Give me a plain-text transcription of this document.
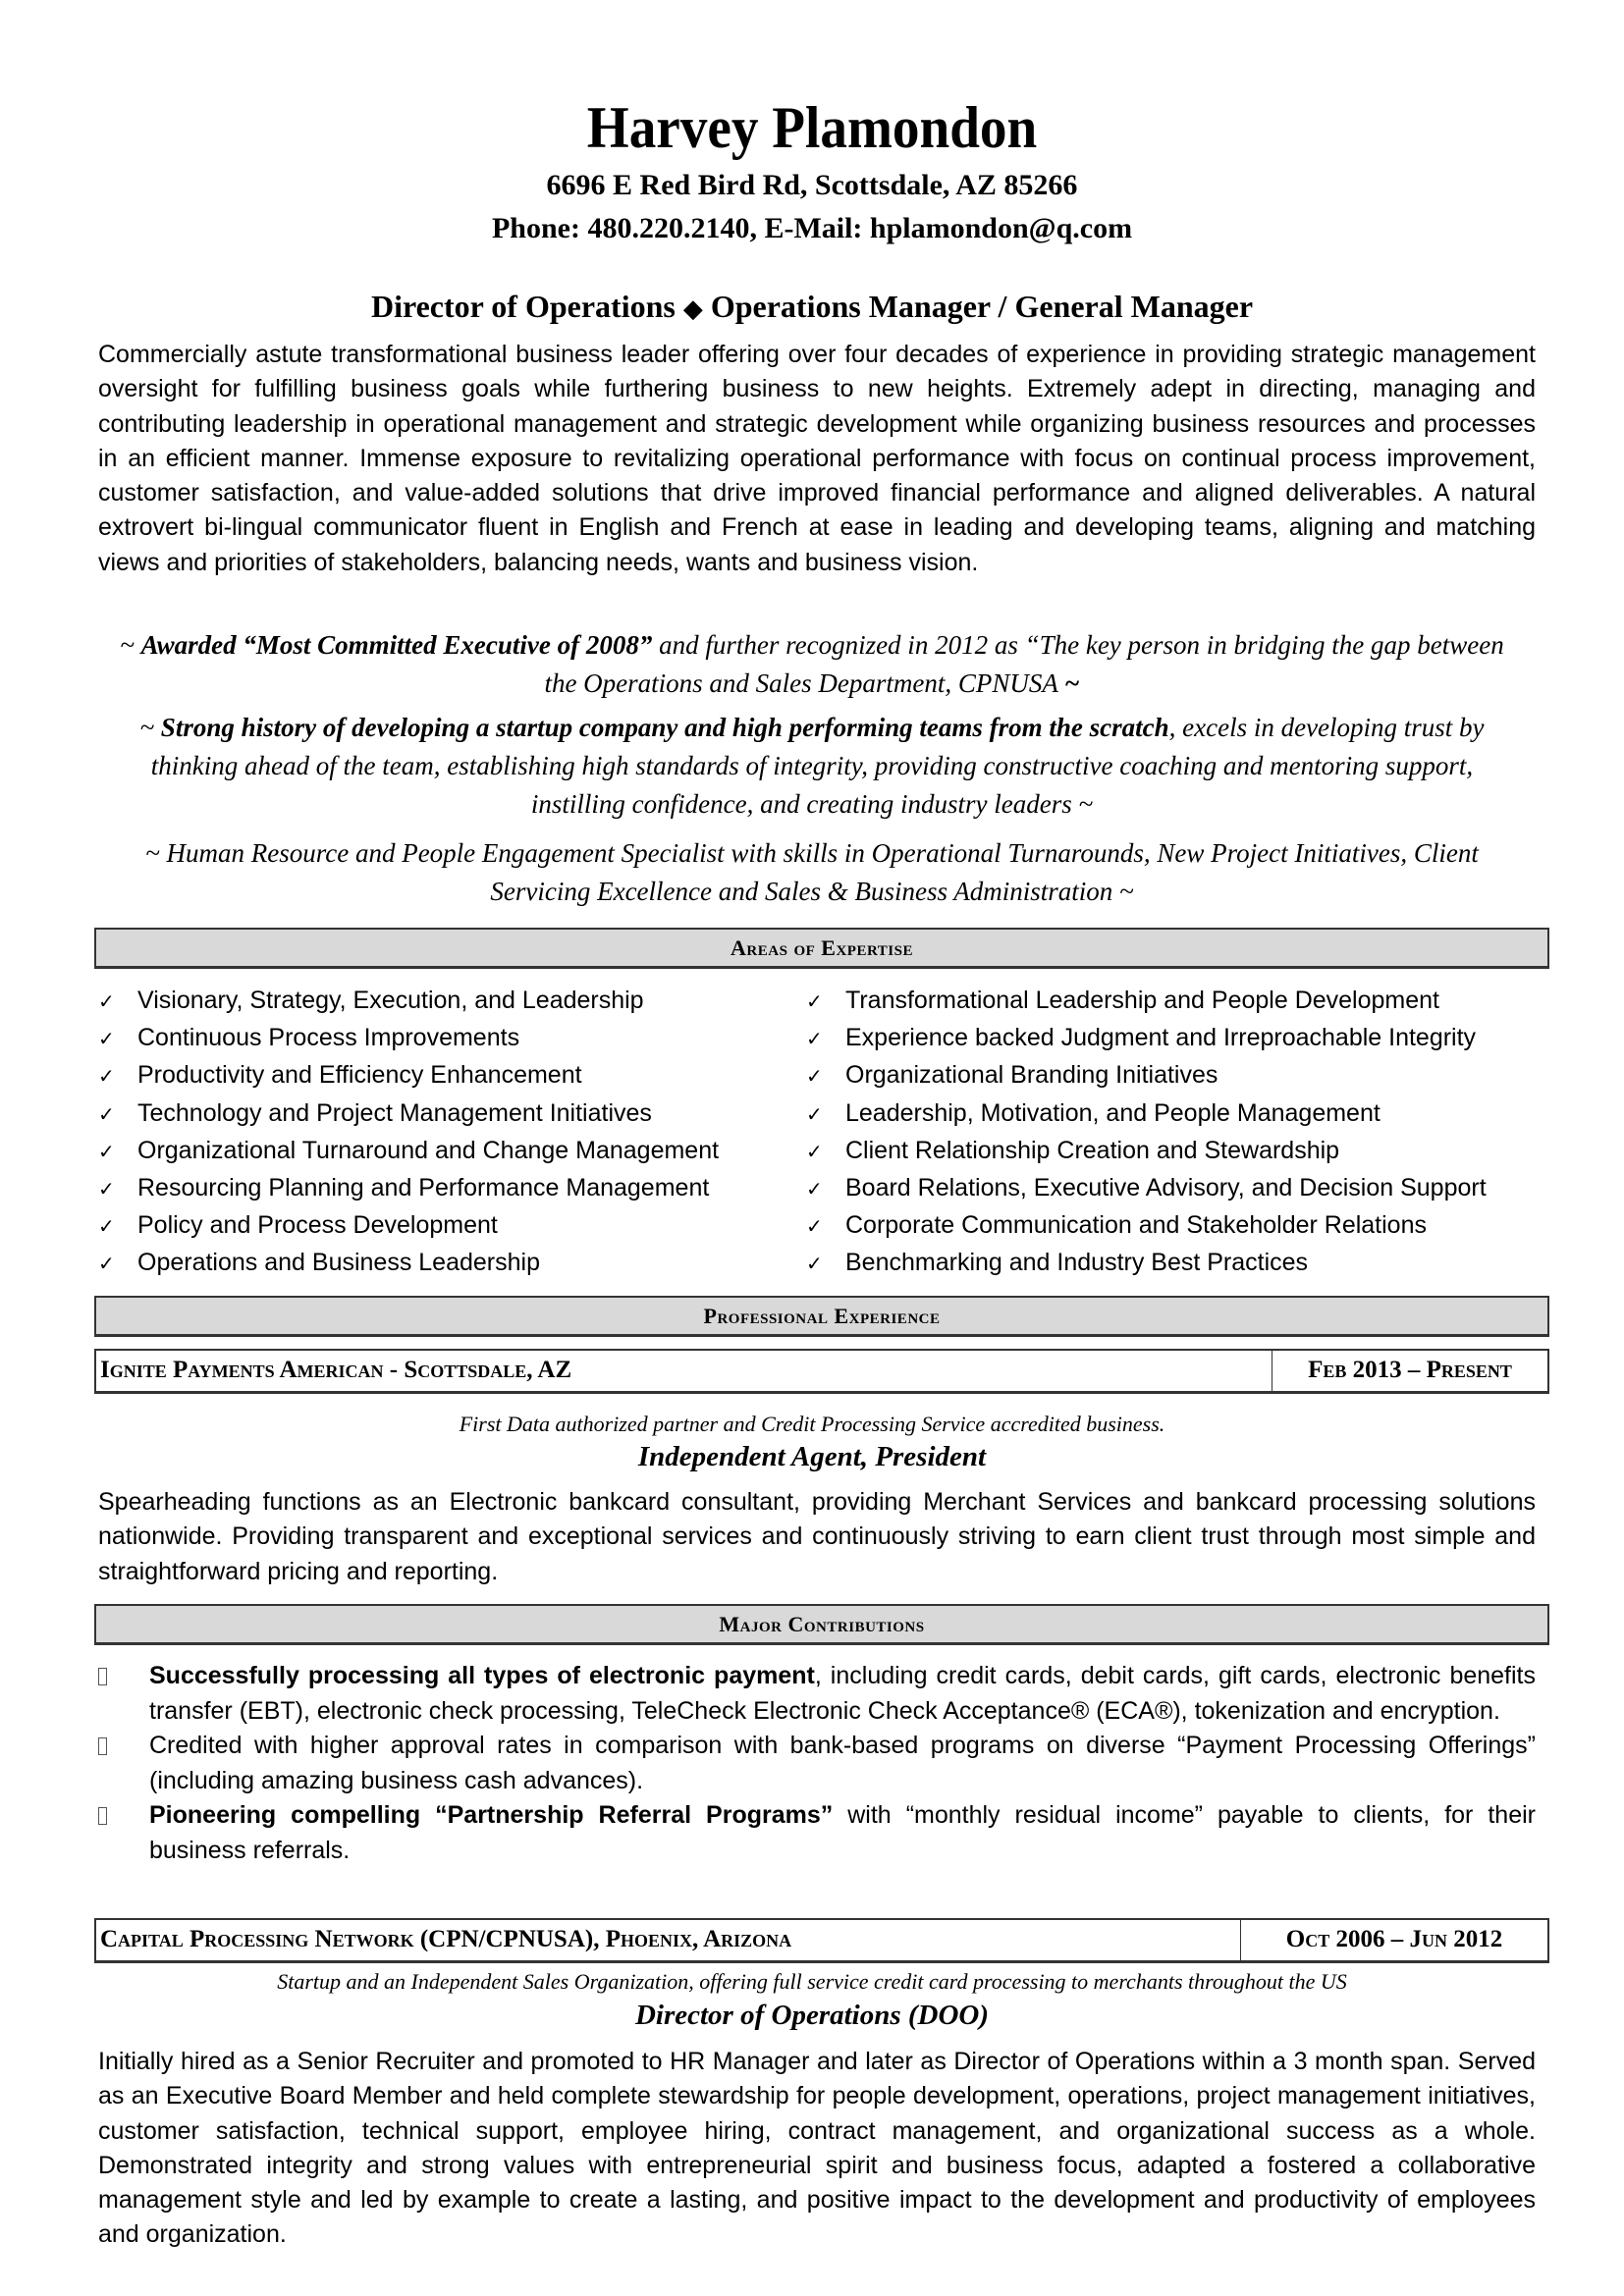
Harvey Plamondon
6696 E Red Bird Rd, Scottsdale, AZ 85266
Phone: 480.220.2140, E-Mail: hplamondon@q.com
Director of Operations ◆ Operations Manager / General Manager
Commercially astute transformational business leader offering over four decades of experience in providing strategic management oversight for fulfilling business goals while furthering business to new heights. Extremely adept in directing, managing and contributing leadership in operational management and strategic development while organizing business resources and processes in an efficient manner. Immense exposure to revitalizing operational performance with focus on continual process improvement, customer satisfaction, and value-added solutions that drive improved financial performance and aligned deliverables. A natural extrovert bi-lingual communicator fluent in English and French at ease in leading and developing teams, aligning and matching views and priorities of stakeholders, balancing needs, wants and business vision.
~ Awarded “Most Committed Executive of 2008” and further recognized in 2012 as “The key person in bridging the gap between the Operations and Sales Department, CPNUSA ~
~ Strong history of developing a startup company and high performing teams from the scratch, excels in developing trust by thinking ahead of the team, establishing high standards of integrity, providing constructive coaching and mentoring support, instilling confidence, and creating industry leaders ~
~ Human Resource and People Engagement Specialist with skills in Operational Turnarounds, New Project Initiatives, Client Servicing Excellence and Sales & Business Administration ~
Areas of Expertise
✓ Visionary, Strategy, Execution, and Leadership
✓ Continuous Process Improvements
✓ Productivity and Efficiency Enhancement
✓ Technology and Project Management Initiatives
✓ Organizational Turnaround and Change Management
✓ Resourcing Planning and Performance Management
✓ Policy and Process Development
✓ Operations and Business Leadership
✓ Transformational Leadership and People Development
✓ Experience backed Judgment and Irreproachable Integrity
✓ Organizational Branding Initiatives
✓ Leadership, Motivation, and People Management
✓ Client Relationship Creation and Stewardship
✓ Board Relations, Executive Advisory, and Decision Support
✓ Corporate Communication and Stakeholder Relations
✓ Benchmarking and Industry Best Practices
Professional Experience
Ignite Payments American - Scottsdale, AZ	Feb 2013 – Present
First Data authorized partner and Credit Processing Service accredited business.
Independent Agent, President
Spearheading functions as an Electronic bankcard consultant, providing Merchant Services and bankcard processing solutions nationwide. Providing transparent and exceptional services and continuously striving to earn client trust through most simple and straightforward pricing and reporting.
Major Contributions
Successfully processing all types of electronic payment, including credit cards, debit cards, gift cards, electronic benefits transfer (EBT), electronic check processing, TeleCheck Electronic Check Acceptance® (ECA®), tokenization and encryption.
Credited with higher approval rates in comparison with bank-based programs on diverse “Payment Processing Offerings” (including amazing business cash advances).
Pioneering compelling “Partnership Referral Programs” with “monthly residual income” payable to clients, for their business referrals.
Capital Processing Network (CPN/CPNUSA), Phoenix, Arizona	Oct 2006 – Jun 2012
Startup and an Independent Sales Organization, offering full service credit card processing to merchants throughout the US
Director of Operations (DOO)
Initially hired as a Senior Recruiter and promoted to HR Manager and later as Director of Operations within a 3 month span. Served as an Executive Board Member and held complete stewardship for people development, operations, project management initiatives, customer satisfaction, technical support, employee hiring, contract management, and organizational success as a whole. Demonstrated integrity and strong values with entrepreneurial spirit and business focus, adapted a fostered a collaborative management style and led by example to create a lasting, and positive impact to the development and productivity of employees and organization.
